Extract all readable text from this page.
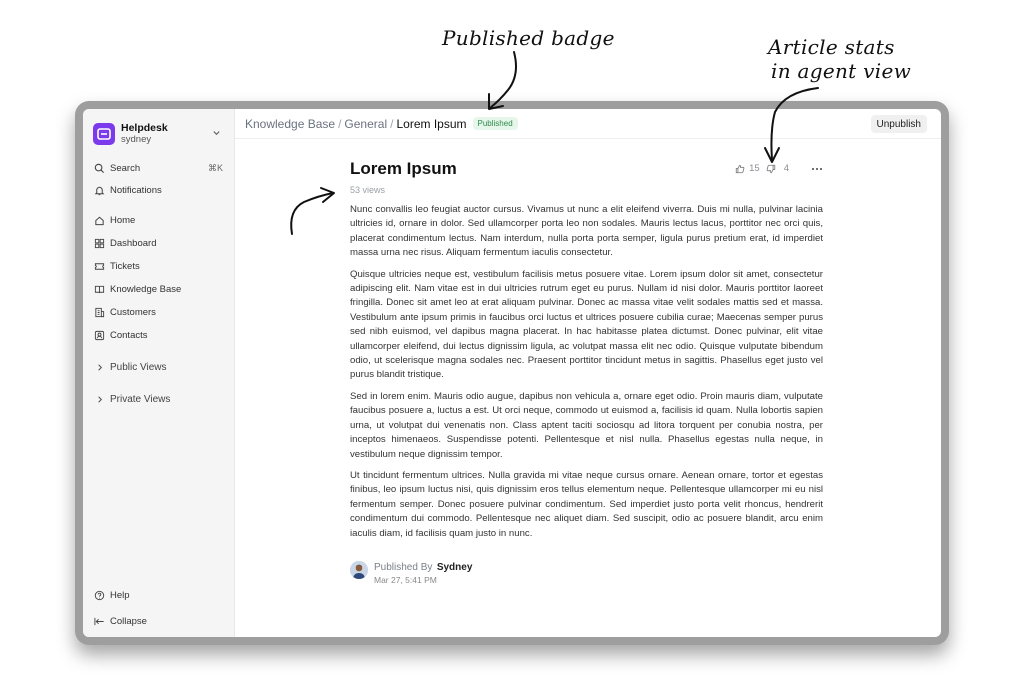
Published badge	Article stats
in agent view
Helpdesk
sydney
Search	⌘K
Notifications
Home
Dashboard
Tickets
Knowledge Base
Customers
Contacts
Public Views
Private Views
Help
Collapse
Knowledge Base / General / Lorem Ipsum	Published	Unpublish
Lorem Ipsum
53 views
15	4

Nunc convallis leo feugiat auctor cursus. Vivamus ut nunc a elit eleifend viverra. Duis mi nulla, pulvinar lacinia ultricies id, ornare in dolor. Sed ullamcorper porta leo non sodales. Mauris lectus lacus, porttitor nec orci quis, placerat condimentum lectus. Nam interdum, nulla porta porta semper, ligula purus pretium erat, id imperdiet massa urna nec risus. Aliquam fermentum iaculis consectetur.

Quisque ultricies neque est, vestibulum facilisis metus posuere vitae. Lorem ipsum dolor sit amet, consectetur adipiscing elit. Nam vitae est in dui ultricies rutrum eget eu purus. Nullam id nisi dolor. Mauris porttitor laoreet fringilla. Donec sit amet leo at erat aliquam pulvinar. Donec ac massa vitae velit sodales mattis sed et massa. Vestibulum ante ipsum primis in faucibus orci luctus et ultrices posuere cubilia curae; Maecenas semper purus sed nibh euismod, vel dapibus magna placerat. In hac habitasse platea dictumst. Donec pulvinar, elit vitae ullamcorper eleifend, dui lectus dignissim ligula, ac volutpat massa elit nec odio. Quisque vulputate bibendum odio, ut scelerisque magna sodales nec. Praesent porttitor tincidunt metus in sagittis. Phasellus eget justo vel purus blandit tristique.

Sed in lorem enim. Mauris odio augue, dapibus non vehicula a, ornare eget odio. Proin mauris diam, vulputate faucibus posuere a, luctus a est. Ut orci neque, commodo ut euismod a, facilisis id quam. Nulla lobortis sapien urna, ut volutpat dui venenatis non. Class aptent taciti sociosqu ad litora torquent per conubia nostra, per inceptos himenaeos. Suspendisse potenti. Pellentesque et nisl nulla. Phasellus egestas nulla neque, in vestibulum neque dignissim tempor.

Ut tincidunt fermentum ultrices. Nulla gravida mi vitae neque cursus ornare. Aenean ornare, tortor et egestas finibus, leo ipsum luctus nisi, quis dignissim eros tellus elementum neque. Pellentesque ullamcorper mi eu nisl fermentum semper. Donec posuere pulvinar condimentum. Sed imperdiet justo porta velit rhoncus, hendrerit condimentum dui commodo. Pellentesque nec aliquet diam. Sed suscipit, odio ac posuere blandit, arcu enim iaculis diam, id facilisis quam justo in nunc.

Published By Sydney
Mar 27, 5:41 PM
